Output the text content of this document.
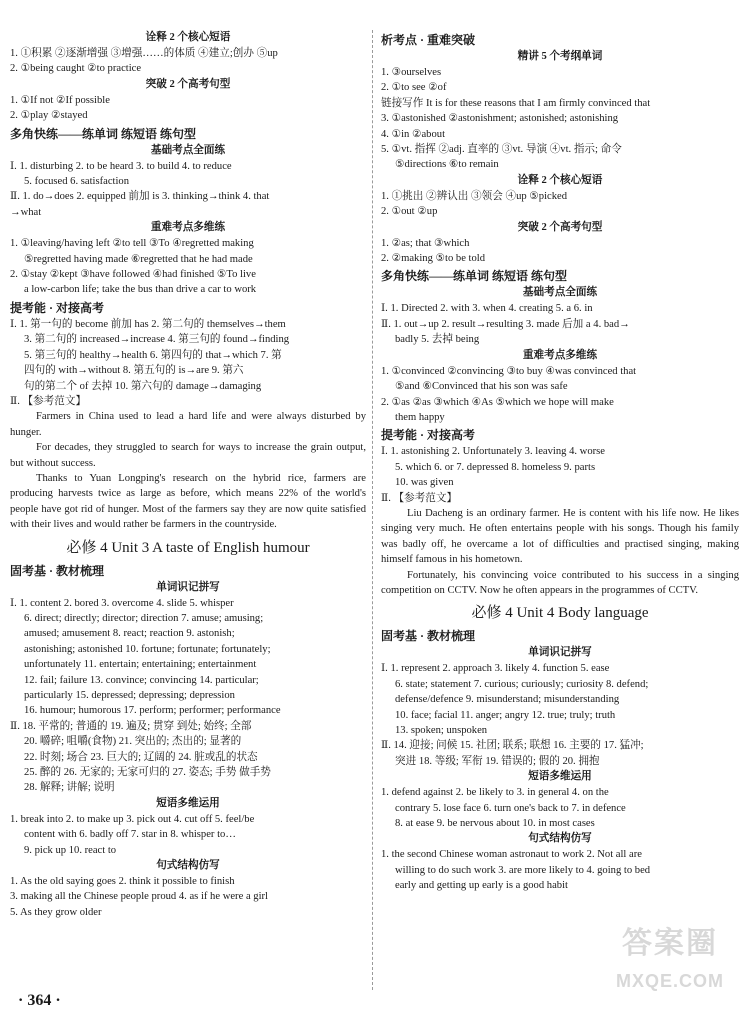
诠释 2 个核心短语
1. ①积累 ②逐渐增强 ③增强……的体质 ④建立;创办 ⑤up
2. ①being caught ②to practice
突破 2 个高考句型
1. ①If not ②If possible
2. ①play ②stayed
多角快练——练单词 练短语 练句型
基础考点全面练
Ⅰ. 1. disturbing 2. to be heard 3. to build 4. to reduce
5. focused 6. satisfaction
Ⅱ. 1. do→does 2. equipped 前加 is 3. thinking→think 4. that
→what
重难考点多维练
1. ①leaving/having left ②to tell ③To ④regretted making
⑤regretted having made ⑥regretted that he had made
2. ①stay ②kept ③have followed ④had finished ⑤To live
a low-carbon life; take the bus than drive a car to work
提考能 · 对接高考
Ⅰ. 1. 第一句的 become 前加 has 2. 第二句的 themselves→them
3. 第二句的 increased→increase 4. 第三句的 found→finding
5. 第三句的 healthy→health 6. 第四句的 that→which 7. 第
四句的 with→without 8. 第五句的 is→are 9. 第六
句的第二个 of 去掉 10. 第六句的 damage→damaging
Ⅱ. 【参考范文】
Farmers in China used to lead a hard life and were always disturbed by hunger.
For decades, they struggled to search for ways to increase the grain output, but without success.
Thanks to Yuan Longping's research on the hybrid rice, farmers are producing harvests twice as large as before, which means 22% of the world's people have got rid of hunger. Most of the farmers say they are now quite satisfied with their lives and would rather be farmers in the countryside.
必修 4 Unit 3 A taste of English humour
固考基 · 教材梳理
单词识记拼写
Ⅰ. 1. content 2. bored 3. overcome 4. slide 5. whisper
6. direct; directly; director; direction 7. amuse; amusing;
amused; amusement 8. react; reaction 9. astonish;
astonishing; astonished 10. fortune; fortunate; fortunately;
unfortunately 11. entertain; entertaining; entertainment
12. fail; failure 13. convince; convincing 14. particular;
particularly 15. depressed; depressing; depression
16. humour; humorous 17. perform; performer; performance
Ⅱ. 18. 平常的; 普通的 19. 遍及; 贯穿 到处; 始终; 全部
20. 嚼碎; 咀嚼(食物) 21. 突出的; 杰出的; 显著的
22. 时刻; 场合 23. 巨大的; 辽阔的 24. 脏或乱的状态
25. 醉的 26. 无家的; 无家可归的 27. 姿态; 手势 做手势
28. 解释; 讲解; 说明
短语多维运用
1. break into 2. to make up 3. pick out 4. cut off 5. feel/be
content with 6. badly off 7. star in 8. whisper to…
9. pick up 10. react to
句式结构仿写
1. As the old saying goes 2. think it possible to finish
3. making all the Chinese people proud 4. as if he were a girl
5. As they grow older
析考点 · 重难突破
精讲 5 个考纲单词
1. ③ourselves
2. ①to see ②of
链接写作 It is for these reasons that I am firmly convinced that
3. ①astonished ②astonishment; astonished; astonishing
4. ①in ②about
5. ①vt. 指挥 ②adj. 直率的 ③vt. 导演 ④vt. 指示; 命令
⑤directions ⑥to remain
诠释 2 个核心短语
1. ①挑出 ②辨认出 ③领会 ④up ⑤picked
2. ①out ②up
突破 2 个高考句型
1. ②as; that ③which
2. ②making ⑤to be told
多角快练——练单词 练短语 练句型
基础考点全面练
Ⅰ. 1. Directed 2. with 3. when 4. creating 5. a 6. in
Ⅱ. 1. out→up 2. result→resulting 3. made 后加 a 4. bad→
badly 5. 去掉 being
重难考点多维练
1. ①convinced ②convincing ③to buy ④was convinced that
⑤and ⑥Convinced that his son was safe
2. ①as ②as ③which ④As ⑤which we hope will make
them happy
提考能 · 对接高考
Ⅰ. 1. astonishing 2. Unfortunately 3. leaving 4. worse
5. which 6. or 7. depressed 8. homeless 9. parts
10. was given
Ⅱ. 【参考范文】
Liu Dacheng is an ordinary farmer. He is content with his life now. He likes singing very much. He often entertains people with his songs. Though his family was badly off, he overcame a lot of difficulties and practised singing, making himself famous in his hometown.
Fortunately, his convincing voice contributed to his success in a singing competition on CCTV. Now he often appears in the programmes of CCTV.
必修 4 Unit 4 Body language
固考基 · 教材梳理
单词识记拼写
Ⅰ. 1. represent 2. approach 3. likely 4. function 5. ease
6. state; statement 7. curious; curiously; curiosity 8. defend;
defense/defence 9. misunderstand; misunderstanding
10. face; facial 11. anger; angry 12. true; truly; truth
13. spoken; unspoken
Ⅱ. 14. 迎接; 问候 15. 社团; 联系; 联想 16. 主要的 17. 猛冲;
突进 18. 等级; 军衔 19. 错误的; 假的 20. 拥抱
短语多维运用
1. defend against 2. be likely to 3. in general 4. on the
contrary 5. lose face 6. turn one's back to 7. in defence
8. at ease 9. be nervous about 10. in most cases
句式结构仿写
1. the second Chinese woman astronaut to work 2. Not all are
willing to do such work 3. are more likely to 4. going to bed
early and getting up early is a good habit
· 364 ·
答案圈
MXQE.COM
